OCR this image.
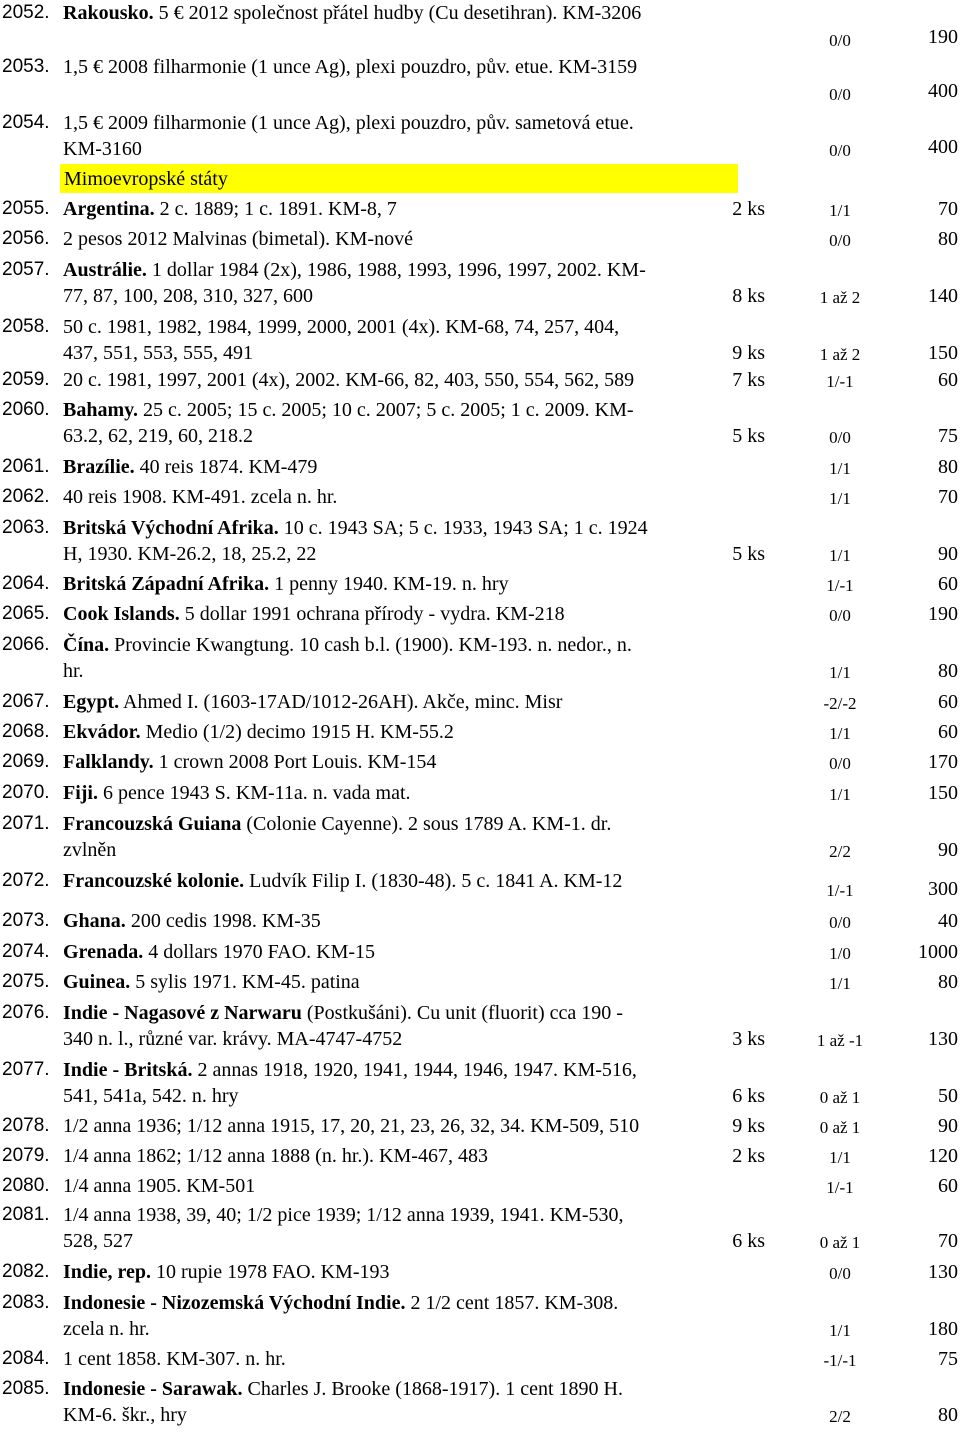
Mimoevropské státy
2052. Rakousko. 5 € 2012 společnost přátel hudby (Cu desetihran). KM-3206
0/0	190
2053. 1,5 € 2008 filharmonie (1 unce Ag), plexi pouzdro, pův. etue. KM-3159
0/0	400
2054. 1,5 € 2009 filharmonie (1 unce Ag), plexi pouzdro, pův. sametová etue.
KM-3160	0/0	400
2055. Argentina. 2 c. 1889; 1 c. 1891. KM-8, 7	2 ks	1/1	70
2056. 2 pesos 2012 Malvinas (bimetal). KM-nové	0/0	80
2057. Austrálie. 1 dollar 1984 (2x), 1986, 1988, 1993, 1996, 1997, 2002. KM-
77, 87, 100, 208, 310, 327, 600	8 ks	1 až 2	140
2058. 50 c. 1981, 1982, 1984, 1999, 2000, 2001 (4x). KM-68, 74, 257, 404,
437, 551, 553, 555, 491	9 ks	1 až 2	150
2059. 20 c. 1981, 1997, 2001 (4x), 2002. KM-66, 82, 403, 550, 554, 562, 589	7 ks	1/-1	60
2060. Bahamy. 25 c. 2005; 15 c. 2005; 10 c. 2007; 5 c. 2005; 1 c. 2009. KM-
63.2, 62, 219, 60, 218.2	5 ks	0/0	75
2061. Brazílie. 40 reis 1874. KM-479	1/1	80
2062. 40 reis 1908. KM-491. zcela n. hr.	1/1	70
2063. Britská Východní Afrika. 10 c. 1943 SA; 5 c. 1933, 1943 SA; 1 c. 1924
H, 1930. KM-26.2, 18, 25.2, 22	5 ks	1/1	90
2064. Britská Západní Afrika. 1 penny 1940. KM-19. n. hry	1/-1	60
2065. Cook Islands. 5 dollar 1991 ochrana přírody - vydra. KM-218	0/0	190
2066. Čína. Provincie Kwangtung. 10 cash b.l. (1900). KM-193. n. nedor., n.
hr.	1/1	80
2067. Egypt. Ahmed I. (1603-17AD/1012-26AH). Akče, minc. Misr	-2/-2	60
2068. Ekvádor. Medio (1/2) decimo 1915 H. KM-55.2	1/1	60
2069. Falklandy. 1 crown 2008 Port Louis. KM-154	0/0	170
2070. Fiji. 6 pence 1943 S. KM-11a. n. vada mat.	1/1	150
2071. Francouzská Guiana (Colonie Cayenne). 2 sous 1789 A. KM-1. dr.
zvlněn	2/2	90
2072. Francouzské kolonie. Ludvík Filip I. (1830-48). 5 c. 1841 A. KM-12	1/-1	300
2073. Ghana. 200 cedis 1998. KM-35	0/0	40
2074. Grenada. 4 dollars 1970 FAO. KM-15	1/0	1000
2075. Guinea. 5 sylis 1971. KM-45. patina	1/1	80
2076. Indie - Nagasové z Narwaru (Postkušáni). Cu unit (fluorit) cca 190 -
340 n. l., různé var. krávy. MA-4747-4752	3 ks	1 až -1	130
2077. Indie - Britská. 2 annas 1918, 1920, 1941, 1944, 1946, 1947. KM-516,
541, 541a, 542. n. hry	6 ks	0 až 1	50
2078. 1/2 anna 1936; 1/12 anna 1915, 17, 20, 21, 23, 26, 32, 34. KM-509, 510	9 ks	0 až 1	90
2079. 1/4 anna 1862; 1/12 anna 1888 (n. hr.). KM-467, 483	2 ks	1/1	120
2080. 1/4 anna 1905. KM-501	1/-1	60
2081. 1/4 anna 1938, 39, 40; 1/2 pice 1939; 1/12 anna 1939, 1941. KM-530,
528, 527	6 ks	0 až 1	70
2082. Indie, rep. 10 rupie 1978 FAO. KM-193	0/0	130
2083. Indonesie - Nizozemská Východní Indie. 2 1/2 cent 1857. KM-308.
zcela n. hr.	1/1	180
2084. 1 cent 1858. KM-307. n. hr.	-1/-1	75
2085. Indonesie - Sarawak. Charles J. Brooke (1868-1917). 1 cent 1890 H.
KM-6. škr., hry	2/2	80
